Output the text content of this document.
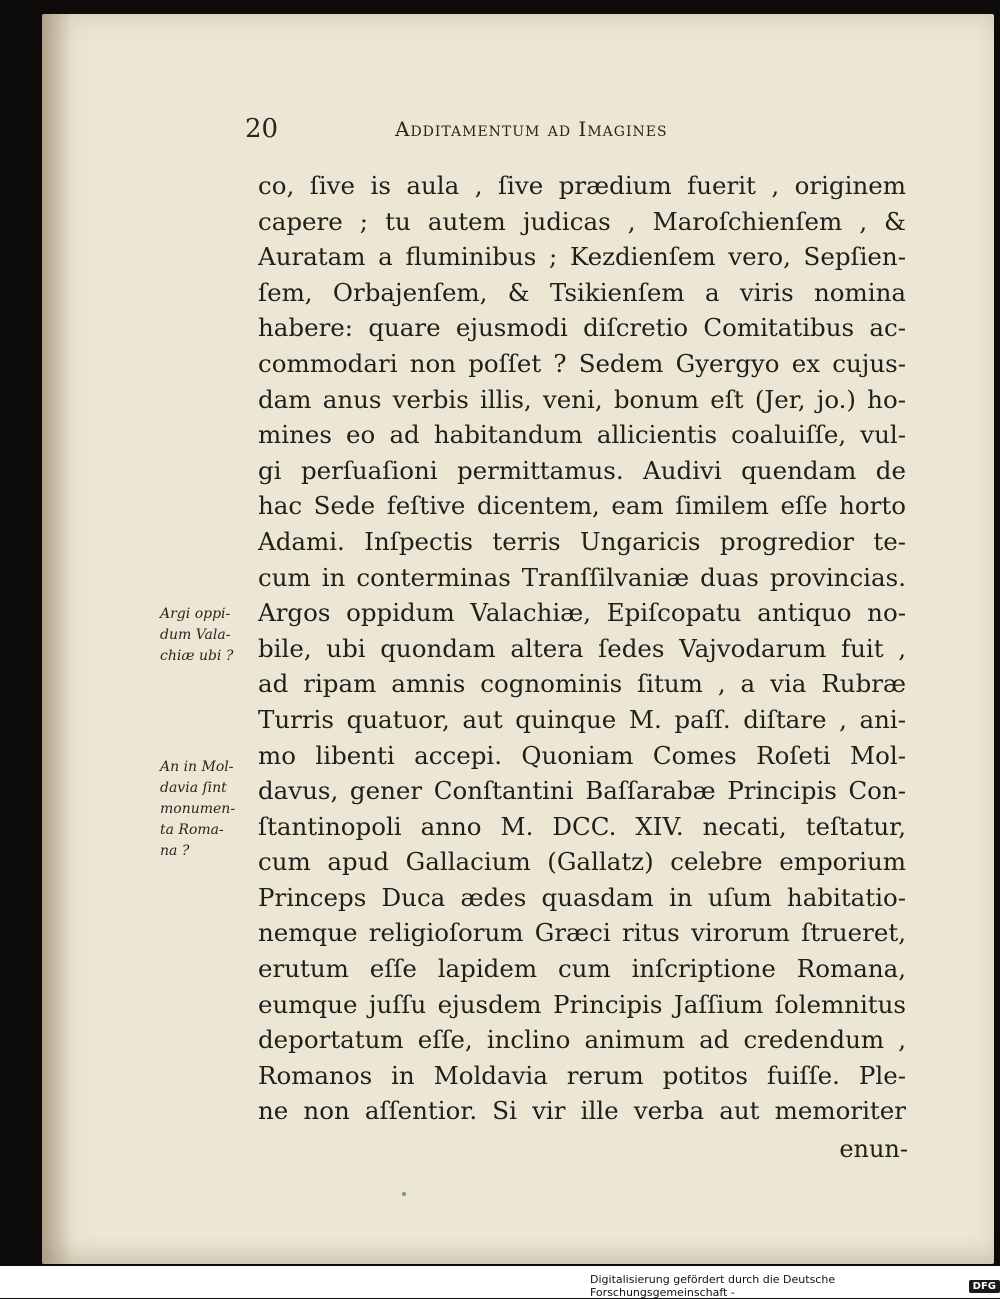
20	Additamentum ad Imagines
co, ſive is aula , ſive prædium fuerit , originem
capere ; tu autem judicas , Maroſchienſem , &
Auratam a fluminibus ; Kezdienſem vero, Sepſien-
ſem, Orbajenſem, & Tsikienſem a viris nomina
habere: quare ejusmodi diſcretio Comitatibus ac-
commodari non poſſet ? Sedem Gyergyo ex cujus-
dam anus verbis illis, veni, bonum eſt (Jer, jo.) ho-
mines eo ad habitandum allicientis coaluiſſe, vul-
gi perſuaſioni permittamus. Audivi quendam de
hac Sede feſtive dicentem, eam ſimilem eſſe horto
Adami. Inſpectis terris Ungaricis progredior te-
cum in conterminas Tranſſilvaniæ duas provincias.
Argos oppidum Valachiæ, Epiſcopatu antiquo no-
bile, ubi quondam altera ſedes Vajvodarum fuit ,
ad ripam amnis cognominis ſitum , a via Rubræ
Turris quatuor, aut quinque M. paſſ. diſtare , ani-
mo libenti accepi. Quoniam Comes Roſeti Mol-
davus, gener Conſtantini Baſſarabæ Principis Con-
ſtantinopoli anno M. DCC. XIV. necati, teſtatur,
cum apud Gallacium (Gallatz) celebre emporium
Princeps Duca ædes quasdam in uſum habitatio-
nemque religioſorum Græci ritus virorum ſtrueret,
erutum eſſe lapidem cum inſcriptione Romana,
eumque juſſu ejusdem Principis Jaſſium ſolemnitus
deportatum eſſe, inclino animum ad credendum ,
Romanos in Moldavia rerum potitos fuiſſe. Ple-
ne non aſſentior. Si vir ille verba aut memoriter
Argi oppi-
dum Vala-
chiæ ubi ?
An in Mol-
davia ſint
monumen-
ta Roma-
na ?
enun-
Digitalisierung gefördert durch die Deutsche Forschungsgemeinschaft -	DFG
